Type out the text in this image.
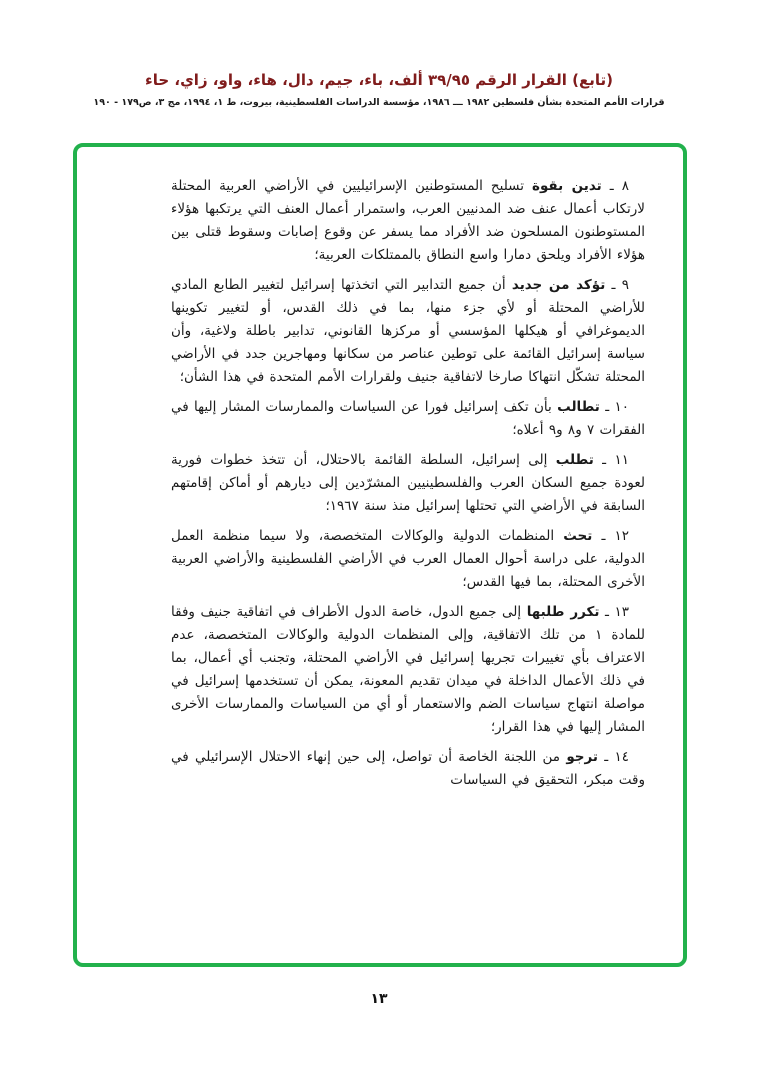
(تابع) القرار الرقم ٣٩/٩٥ ألف، باء، جيم، دال، هاء، واو، زاي، حاء

قرارات الأمم المتحدة بشأن فلسطين ١٩٨٢ ـــ ١٩٨٦، مؤسسة الدراسات الفلسطينية، بيروت، ط ١، ١٩٩٤، مج ٣، ص١٧٩ - ١٩٠

٨ ـ تدين بقوة تسليح المستوطنين الإسرائيليين في الأراضي العربية المحتلة لارتكاب أعمال عنف ضد المدنيين العرب، واستمرار أعمال العنف التي يرتكبها هؤلاء المستوطنون المسلحون ضد الأفراد مما يسفر عن وقوع إصابات وسقوط قتلى بين هؤلاء الأفراد ويلحق دمارا واسع النطاق بالممتلكات العربية؛

٩ ـ تؤكد من جديد أن جميع التدابير التي اتخذتها إسرائيل لتغيير الطابع المادي للأراضي المحتلة أو لأي جزء منها، بما في ذلك القدس، أو لتغيير تكوينها الديموغرافي أو هيكلها المؤسسي أو مركزها القانوني، تدابير باطلة ولاغية، وأن سياسة إسرائيل القائمة على توطين عناصر من سكانها ومهاجرين جدد في الأراضي المحتلة تشكّل انتهاكا صارخا لاتفاقية جنيف ولقرارات الأمم المتحدة في هذا الشأن؛

١٠ ـ تطالب بأن تكف إسرائيل فورا عن السياسات والممارسات المشار إليها في الفقرات ٧ و٨ و٩ أعلاه؛

١١ ـ تطلب إلى إسرائيل، السلطة القائمة بالاحتلال، أن تتخذ خطوات فورية لعودة جميع السكان العرب والفلسطينيين المشرّدين إلى ديارهم أو أماكن إقامتهم السابقة في الأراضي التي تحتلها إسرائيل منذ سنة ١٩٦٧؛

١٢ ـ تحث المنظمات الدولية والوكالات المتخصصة، ولا سيما منظمة العمل الدولية، على دراسة أحوال العمال العرب في الأراضي الفلسطينية والأراضي العربية الأخرى المحتلة، بما فيها القدس؛

١٣ ـ تكرر طلبها إلى جميع الدول، خاصة الدول الأطراف في اتفاقية جنيف وفقا للمادة ١ من تلك الاتفاقية، وإلى المنظمات الدولية والوكالات المتخصصة، عدم الاعتراف بأي تغييرات تجريها إسرائيل في الأراضي المحتلة، وتجنب أي أعمال، بما في ذلك الأعمال الداخلة في ميدان تقديم المعونة، يمكن أن تستخدمها إسرائيل في مواصلة انتهاج سياسات الضم والاستعمار أو أي من السياسات والممارسات الأخرى المشار إليها في هذا القرار؛

١٤ ـ ترجو من اللجنة الخاصة أن تواصل، إلى حين إنهاء الاحتلال الإسرائيلي في وقت مبكر، التحقيق في السياسات

١٣
